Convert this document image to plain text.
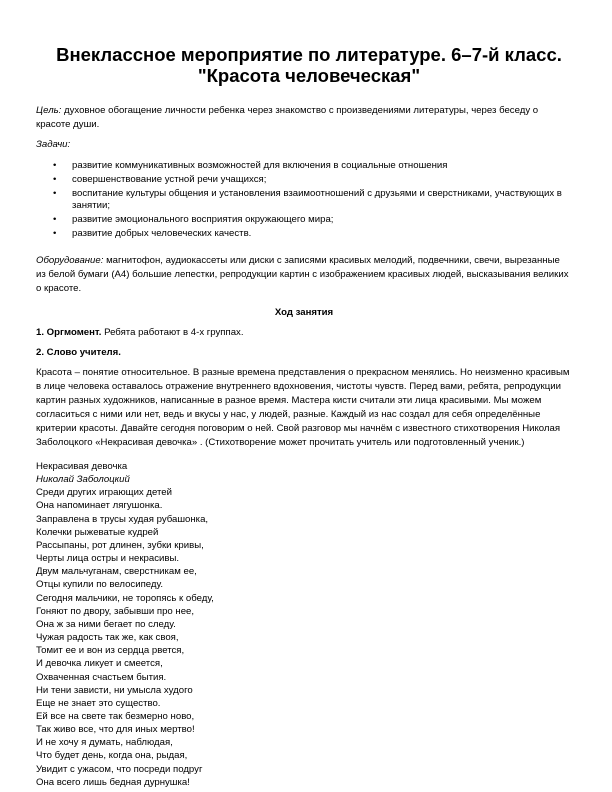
Внеклассное мероприятие по литературе. 6–7-й класс.
"Красота человеческая"

Цель: духовное обогащение личности ребенка через знакомство с произведениями литературы, через беседу о красоте души.

Задачи:

• развитие коммуникативных возможностей для включения в социальные отношения
• совершенствование устной речи учащихся;
• воспитание культуры общения и установления взаимоотношений с друзьями и сверстниками, участвующих в занятии;
• развитие эмоционального восприятия окружающего мира;
• развитие добрых человеческих качеств.

Оборудование: магнитофон, аудиокассеты или диски с записями красивых мелодий, подвечники, свечи, вырезанные из белой бумаги (А4) большие лепестки, репродукции картин с изображением красивых людей, высказывания великих о красоте.

Ход занятия

1. Оргмомент. Ребята работают в 4-х группах.

2. Слово учителя.

Красота – понятие относительное. В разные времена представления о прекрасном менялись. Но неизменно красивым в лице человека оставалось отражение внутреннего вдохновения, чистоты чувств. Перед вами, ребята, репродукции картин разных художников, написанные в разное время. Мастера кисти считали эти лица красивыми. Мы можем согласиться с ними или нет, ведь и вкусы у нас, у людей, разные. Каждый из нас создал для себя определённые критерии красоты. Давайте сегодня поговорим о ней. Свой разговор мы начнём с известного стихотворения Николая Заболоцкого «Некрасивая девочка» . (Стихотворение может прочитать учитель или подготовленный ученик.)

Некрасивая девочка
Николай Заболоцкий
Среди других играющих детей
Она напоминает лягушонка.
Заправлена в трусы худая рубашонка,
Колечки рыжеватые кудрей
Рассыпаны, рот длинен, зубки кривы,
Черты лица остры и некрасивы.
Двум мальчуганам, сверстникам ее,
Отцы купили по велосипеду.
Сегодня мальчики, не торопясь к обеду,
Гоняют по двору, забывши про нее,
Она ж за ними бегает по следу.
Чужая радость так же, как своя,
Томит ее и вон из сердца рвется,
И девочка ликует и смеется,
Охваченная счастьем бытия.
Ни тени зависти, ни умысла худого
Еще не знает это существо.
Ей все на свете так безмерно ново,
Так живо все, что для иных мертво!
И не хочу я думать, наблюдая,
Что будет день, когда она, рыдая,
Увидит с ужасом, что посреди подруг
Она всего лишь бедная дурнушка!
